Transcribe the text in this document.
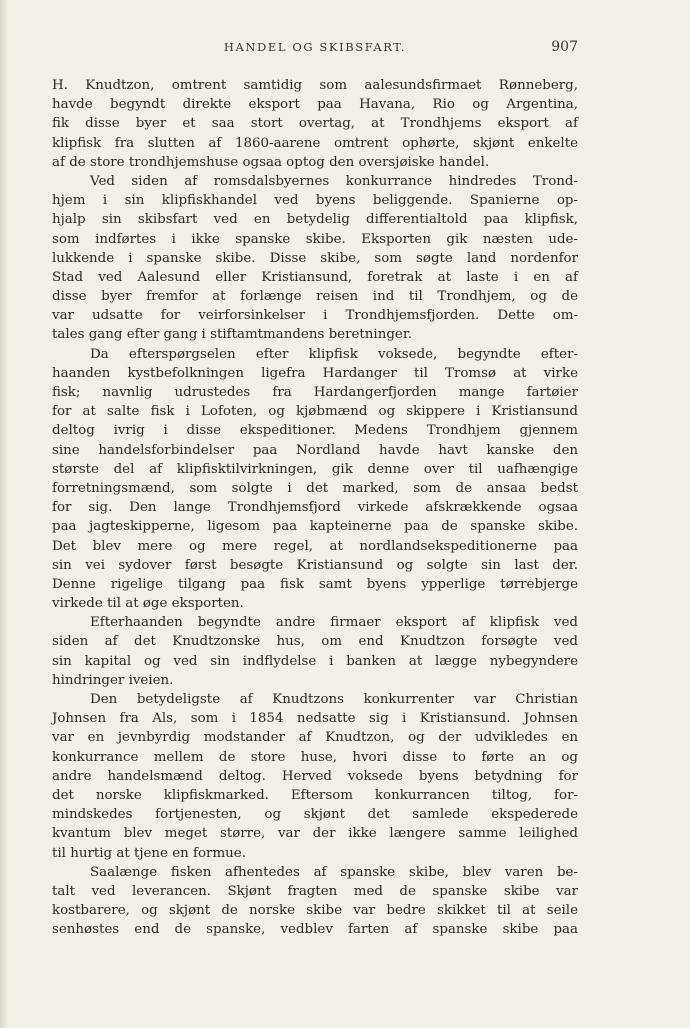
HANDEL OG SKIBSFART.	907
H. Knudtzon, omtrent samtidig som aalesundsfirmaet Rønneberg,
havde begyndt direkte eksport paa Havana, Rio og Argentina,
fik disse byer et saa stort overtag, at Trondhjems eksport af
klipfisk fra slutten af 1860-aarene omtrent ophørte, skjønt enkelte
af de store trondhjemshuse ogsaa optog den oversjøiske handel.
Ved siden af romsdalsbyernes konkurrance hindredes Trond-
hjem i sin klipfiskhandel ved byens beliggende. Spanierne op-
hjalp sin skibsfart ved en betydelig differentialtold paa klipfisk,
som indførtes i ikke spanske skibe. Eksporten gik næsten ude-
lukkende i spanske skibe. Disse skibe, som søgte land nordenfor
Stad ved Aalesund eller Kristiansund, foretrak at laste i en af
disse byer fremfor at forlænge reisen ind til Trondhjem, og de
var udsatte for veirforsinkelser i Trondhjemsfjorden. Dette om-
tales gang efter gang i stiftamtmandens beretninger.
Da efterspørgselen efter klipfisk voksede, begyndte efter-
haanden kystbefolkningen ligefra Hardanger til Tromsø at virke
fisk; navnlig udrustedes fra Hardangerfjorden mange fartøier
for at salte fisk i Lofoten, og kjøbmænd og skippere i Kristiansund
deltog ivrig i disse ekspeditioner. Medens Trondhjem gjennem
sine handelsforbindelser paa Nordland havde havt kanske den
største del af klipfisktilvirkningen, gik denne over til uafhængige
forretningsmænd, som solgte i det marked, som de ansaa bedst
for sig. Den lange Trondhjemsfjord virkede afskrækkende ogsaa
paa jagteskipperne, ligesom paa kapteinerne paa de spanske skibe.
Det blev mere og mere regel, at nordlandsekspeditionerne paa
sin vei sydover først besøgte Kristiansund og solgte sin last der.
Denne rigelige tilgang paa fisk samt byens ypperlige tørrebjerge
virkede til at øge eksporten.
Efterhaanden begyndte andre firmaer eksport af klipfisk ved
siden af det Knudtzonske hus, om end Knudtzon forsøgte ved
sin kapital og ved sin indflydelse i banken at lægge nybegyndere
hindringer iveien.
Den betydeligste af Knudtzons konkurrenter var Christian
Johnsen fra Als, som i 1854 nedsatte sig i Kristiansund. Johnsen
var en jevnbyrdig modstander af Knudtzon, og der udvikledes en
konkurrance mellem de store huse, hvori disse to førte an og
andre handelsmænd deltog. Herved voksede byens betydning for
det norske klipfiskmarked. Eftersom konkurrancen tiltog, for-
mindskedes fortjenesten, og skjønt det samlede ekspederede
kvantum blev meget større, var der ikke længere samme leilighed
til hurtig at tjene en formue.
Saalænge fisken afhentedes af spanske skibe, blev varen be-
talt ved leverancen. Skjønt fragten med de spanske skibe var
kostbarere, og skjønt de norske skibe var bedre skikket til at seile
senhøstes end de spanske, vedblev farten af spanske skibe paa
